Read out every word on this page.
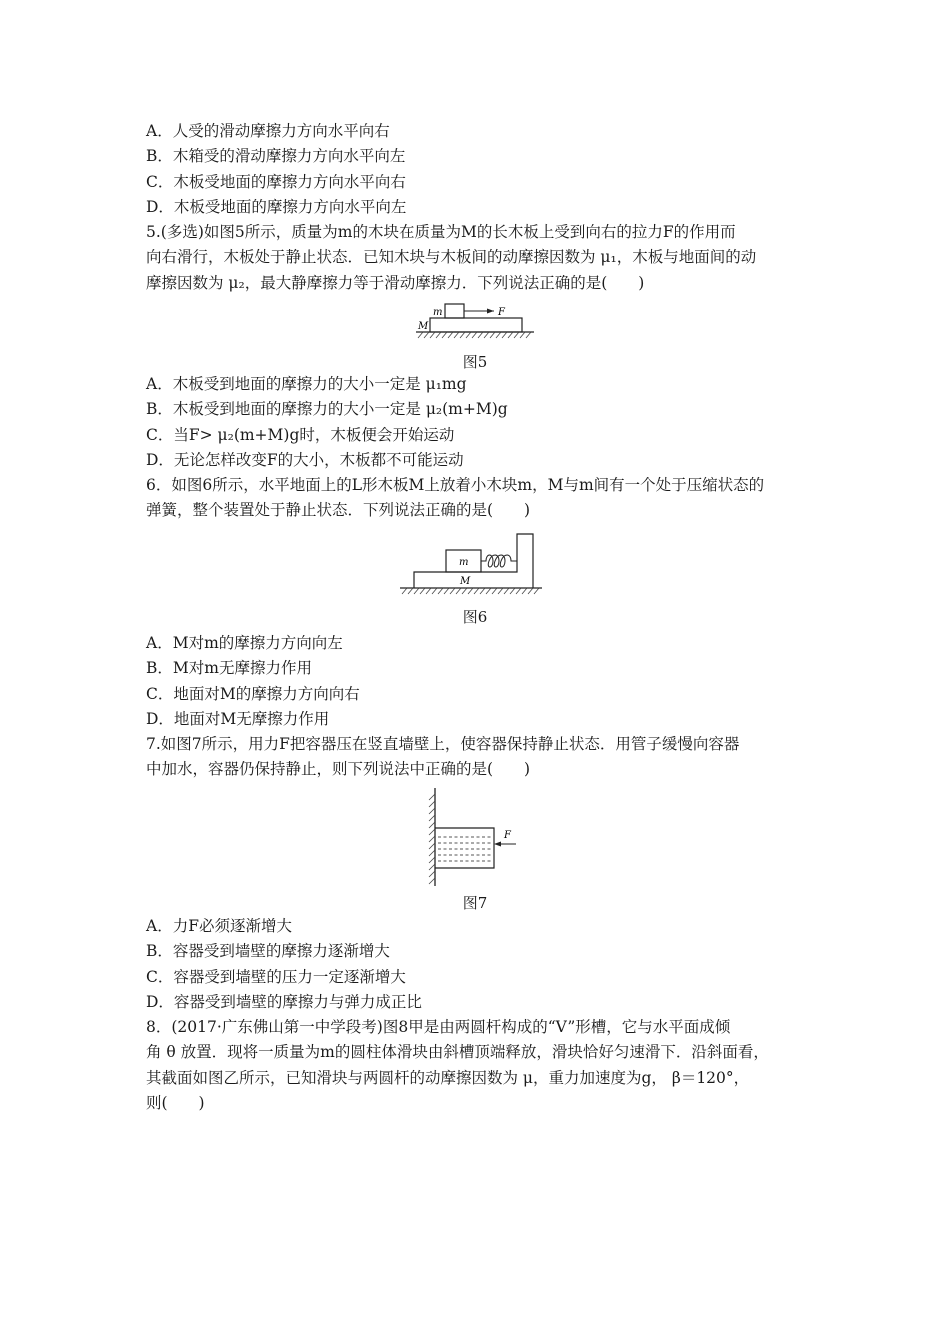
A．人受的滑动摩擦力方向水平向右
B．木箱受的滑动摩擦力方向水平向左
C．木板受地面的摩擦力方向水平向右
D．木板受地面的摩擦力方向水平向左
5.(多选)如图5所示，质量为m的木块在质量为M的长木板上受到向右的拉力F的作用而
向右滑行，木板处于静止状态．已知木块与木板间的动摩擦因数为 μ₁，木板与地面间的动
摩擦因数为 μ₂，最大静摩擦力等于滑动摩擦力．下列说法正确的是(　　)
m
M
F
图5
A．木板受到地面的摩擦力的大小一定是 μ₁mg
B．木板受到地面的摩擦力的大小一定是 μ₂(m+M)g
C．当F> μ₂(m+M)g时，木板便会开始运动
D．无论怎样改变F的大小，木板都不可能运动
6．如图6所示，水平地面上的L形木板M上放着小木块m，M与m间有一个处于压缩状态的
弹簧，整个装置处于静止状态．下列说法正确的是(　　)
m
M
图6
A．M对m的摩擦力方向向左
B．M对m无摩擦力作用
C．地面对M的摩擦力方向向右
D．地面对M无摩擦力作用
7.如图7所示，用力F把容器压在竖直墙壁上，使容器保持静止状态．用管子缓慢向容器
中加水，容器仍保持静止，则下列说法中正确的是(　　)
F
图7
A．力F必须逐渐增大
B．容器受到墙壁的摩擦力逐渐增大
C．容器受到墙壁的压力一定逐渐增大
D．容器受到墙壁的摩擦力与弹力成正比
8．(2017·广东佛山第一中学段考)图8甲是由两圆杆构成的“V”形槽，它与水平面成倾
角 θ 放置．现将一质量为m的圆柱体滑块由斜槽顶端释放，滑块恰好匀速滑下．沿斜面看，
其截面如图乙所示，已知滑块与两圆杆的动摩擦因数为 μ，重力加速度为g， β＝120°，
则(　　)
